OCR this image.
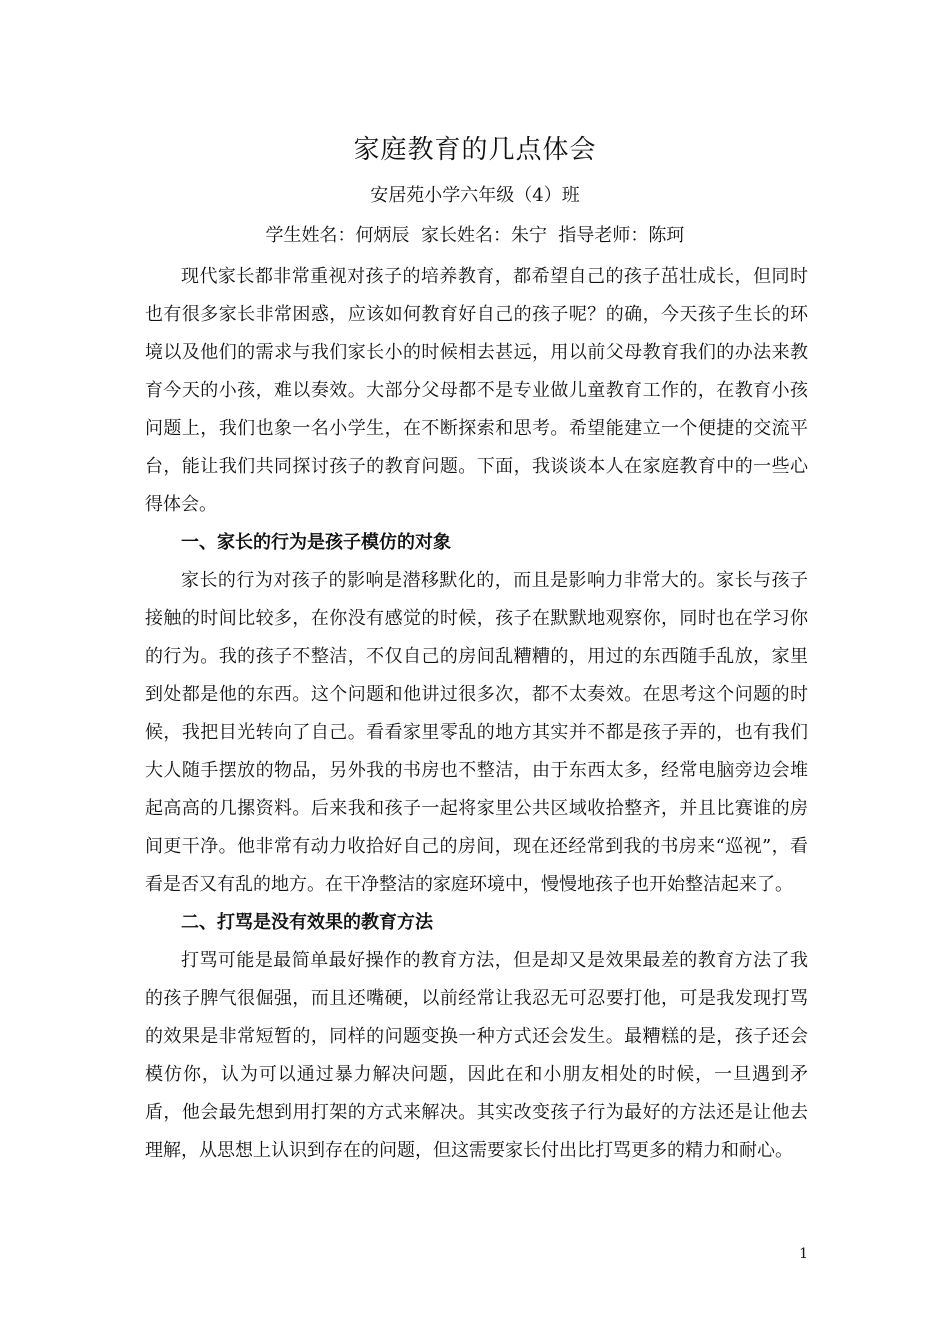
家庭教育的几点体会
安居苑小学六年级（4）班
学生姓名：何炳辰  家长姓名：朱宁  指导老师：陈珂

现代家长都非常重视对孩子的培养教育，都希望自己的孩子茁壮成长，但同时也有很多家长非常困惑，应该如何教育好自己的孩子呢？的确，今天孩子生长的环境以及他们的需求与我们家长小的时候相去甚远，用以前父母教育我们的办法来教育今天的小孩，难以奏效。大部分父母都不是专业做儿童教育工作的，在教育小孩问题上，我们也象一名小学生，在不断探索和思考。希望能建立一个便捷的交流平台，能让我们共同探讨孩子的教育问题。下面，我谈谈本人在家庭教育中的一些心得体会。

一、家长的行为是孩子模仿的对象

家长的行为对孩子的影响是潜移默化的，而且是影响力非常大的。家长与孩子接触的时间比较多，在你没有感觉的时候，孩子在默默地观察你，同时也在学习你的行为。我的孩子不整洁，不仅自己的房间乱糟糟的，用过的东西随手乱放，家里到处都是他的东西。这个问题和他讲过很多次，都不太奏效。在思考这个问题的时候，我把目光转向了自己。看看家里零乱的地方其实并不都是孩子弄的，也有我们大人随手摆放的物品，另外我的书房也不整洁，由于东西太多，经常电脑旁边会堆起高高的几摞资料。后来我和孩子一起将家里公共区域收拾整齐，并且比赛谁的房间更干净。他非常有动力收拾好自己的房间，现在还经常到我的书房来“巡视”，看看是否又有乱的地方。在干净整洁的家庭环境中，慢慢地孩子也开始整洁起来了。

二、打骂是没有效果的教育方法

打骂可能是最简单最好操作的教育方法，但是却又是效果最差的教育方法了我的孩子脾气很倔强，而且还嘴硬，以前经常让我忍无可忍要打他，可是我发现打骂的效果是非常短暂的，同样的问题变换一种方式还会发生。最糟糕的是，孩子还会模仿你，认为可以通过暴力解决问题，因此在和小朋友相处的时候，一旦遇到矛盾，他会最先想到用打架的方式来解决。其实改变孩子行为最好的方法还是让他去理解，从思想上认识到存在的问题，但这需要家长付出比打骂更多的精力和耐心。

1
